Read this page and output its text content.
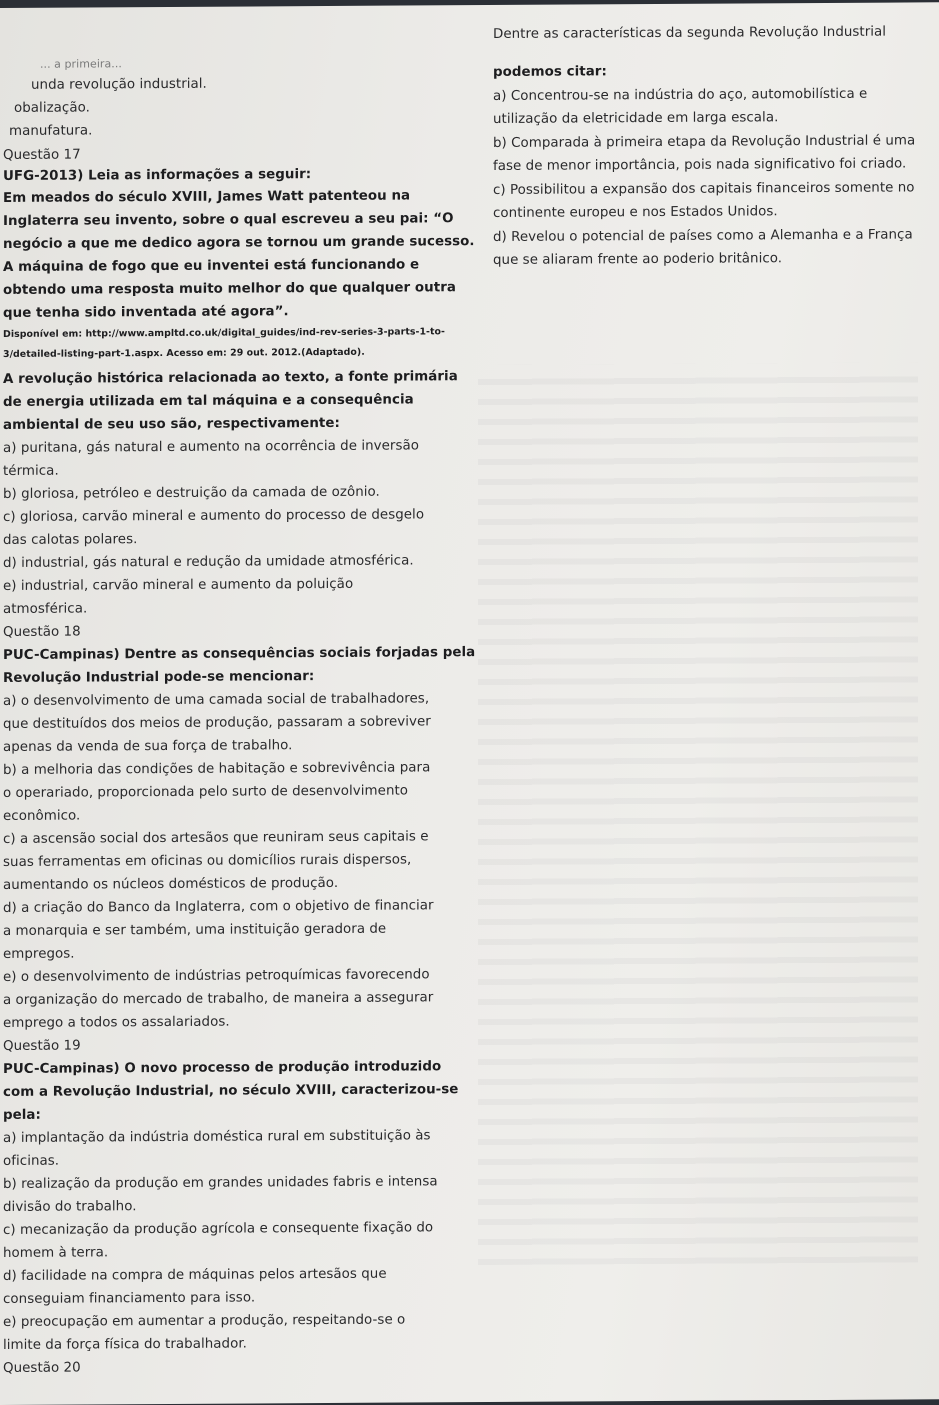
... a primeira...
unda revolução industrial.
obalização.
manufatura.
Questão 17
UFG-2013) Leia as informações a seguir:
Em meados do século XVIII, James Watt patenteou na
Inglaterra seu invento, sobre o qual escreveu a seu pai: “O
negócio a que me dedico agora se tornou um grande sucesso.
A máquina de fogo que eu inventei está funcionando e
obtendo uma resposta muito melhor do que qualquer outra
que tenha sido inventada até agora”.
Disponível em: http://www.ampltd.co.uk/digital_guides/ind-rev-series-3-parts-1-to-
3/detailed-listing-part-1.aspx. Acesso em: 29 out. 2012.(Adaptado).
A revolução histórica relacionada ao texto, a fonte primária
de energia utilizada em tal máquina e a consequência
ambiental de seu uso são, respectivamente:
a) puritana, gás natural e aumento na ocorrência de inversão
térmica.
b) gloriosa, petróleo e destruição da camada de ozônio.
c) gloriosa, carvão mineral e aumento do processo de desgelo
das calotas polares.
d) industrial, gás natural e redução da umidade atmosférica.
e) industrial, carvão mineral e aumento da poluição
atmosférica.
Questão 18
PUC-Campinas) Dentre as consequências sociais forjadas pela
Revolução Industrial pode-se mencionar:
a) o desenvolvimento de uma camada social de trabalhadores,
que destituídos dos meios de produção, passaram a sobreviver
apenas da venda de sua força de trabalho.
b) a melhoria das condições de habitação e sobrevivência para
o operariado, proporcionada pelo surto de desenvolvimento
econômico.
c) a ascensão social dos artesãos que reuniram seus capitais e
suas ferramentas em oficinas ou domicílios rurais dispersos,
aumentando os núcleos domésticos de produção.
d) a criação do Banco da Inglaterra, com o objetivo de financiar
a monarquia e ser também, uma instituição geradora de
empregos.
e) o desenvolvimento de indústrias petroquímicas favorecendo
a organização do mercado de trabalho, de maneira a assegurar
emprego a todos os assalariados.
Questão 19
PUC-Campinas) O novo processo de produção introduzido
com a Revolução Industrial, no século XVIII, caracterizou-se
pela:
a) implantação da indústria doméstica rural em substituição às
oficinas.
b) realização da produção em grandes unidades fabris e intensa
divisão do trabalho.
c) mecanização da produção agrícola e consequente fixação do
homem à terra.
d) facilidade na compra de máquinas pelos artesãos que
conseguiam financiamento para isso.
e) preocupação em aumentar a produção, respeitando-se o
limite da força física do trabalhador.
Questão 20
Dentre as características da segunda Revolução Industrial
podemos citar:
a) Concentrou-se na indústria do aço, automobilística e
utilização da eletricidade em larga escala.
b) Comparada à primeira etapa da Revolução Industrial é uma
fase de menor importância, pois nada significativo foi criado.
c) Possibilitou a expansão dos capitais financeiros somente no
continente europeu e nos Estados Unidos.
d) Revelou o potencial de países como a Alemanha e a França
que se aliaram frente ao poderio britânico.
